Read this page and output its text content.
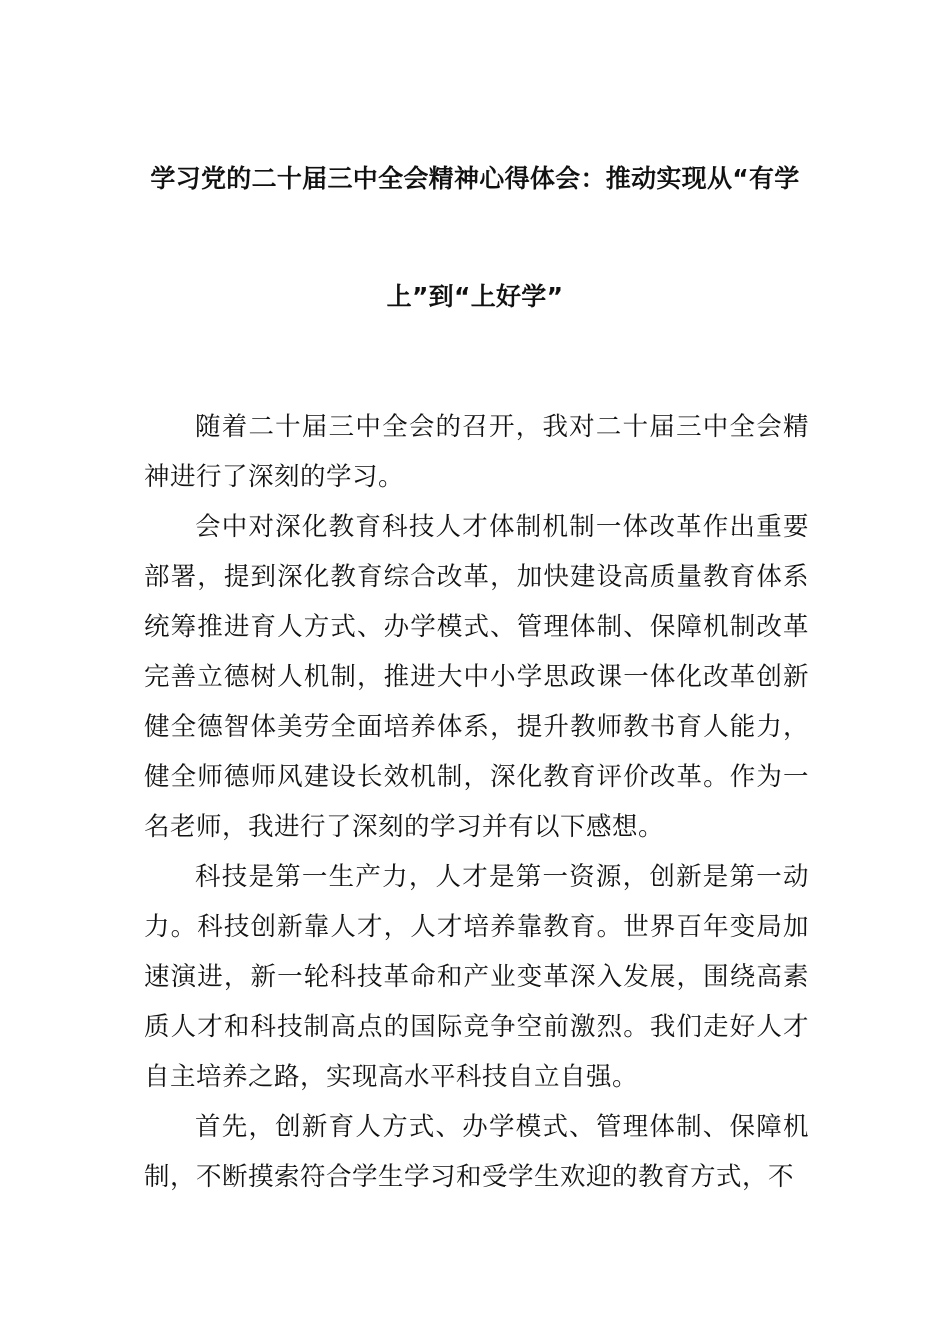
学习党的二十届三中全会精神心得体会：推动实现从“有学
上”到“上好学”

随着二十届三中全会的召开，我对二十届三中全会精神进行了深刻的学习。

会中对深化教育科技人才体制机制一体改革作出重要部署，提到深化教育综合改革，加快建设高质量教育体系统筹推进育人方式、办学模式、管理体制、保障机制改革完善立德树人机制，推进大中小学思政课一体化改革创新健全德智体美劳全面培养体系，提升教师教书育人能力，健全师德师风建设长效机制，深化教育评价改革。作为一名老师，我进行了深刻的学习并有以下感想。

科技是第一生产力，人才是第一资源，创新是第一动力。科技创新靠人才，人才培养靠教育。世界百年变局加速演进，新一轮科技革命和产业变革深入发展，围绕高素质人才和科技制高点的国际竞争空前激烈。我们走好人才自主培养之路，实现高水平科技自立自强。

首先，创新育人方式、办学模式、管理体制、保障机制，不断摸索符合学生学习和受学生欢迎的教育方式，不
